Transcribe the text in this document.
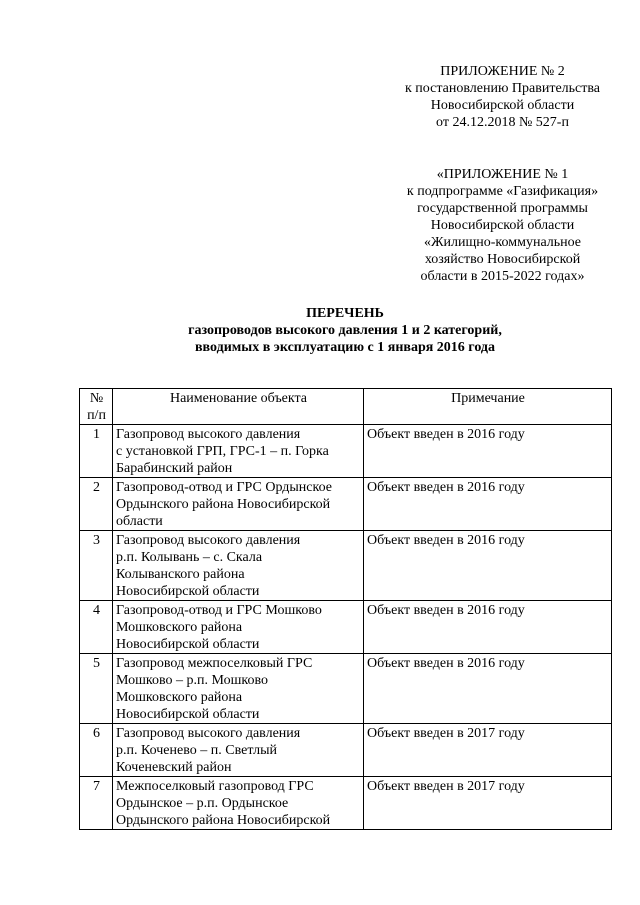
ПРИЛОЖЕНИЕ № 2
к постановлению Правительства
Новосибирской области
от 24.12.2018 № 527-п
«ПРИЛОЖЕНИЕ № 1
к подпрограмме «Газификация»
государственной программы
Новосибирской области
«Жилищно-коммунальное
хозяйство Новосибирской
области в 2015-2022 годах»
ПЕРЕЧЕНЬ
газопроводов высокого давления 1 и 2 категорий,
вводимых в эксплуатацию с 1 января 2016 года
№
п/п	Наименование объекта	Примечание
1	Газопровод высокого давления
с установкой ГРП, ГРС-1 – п. Горка
Барабинский район	Объект введен в 2016 году
2	Газопровод-отвод и ГРС Ордынское
Ордынского района Новосибирской
области	Объект введен в 2016 году
3	Газопровод высокого давления
р.п. Колывань – с. Скала
Колыванского района
Новосибирской области	Объект введен в 2016 году
4	Газопровод-отвод и ГРС Мошково
Мошковского района
Новосибирской области	Объект введен в 2016 году
5	Газопровод межпоселковый ГРС
Мошково – р.п. Мошково
Мошковского района
Новосибирской области	Объект введен в 2016 году
6	Газопровод высокого давления
р.п. Коченево – п. Светлый
Коченевский район	Объект введен в 2017 году
7	Межпоселковый газопровод ГРС
Ордынское – р.п. Ордынское
Ордынского района Новосибирской	Объект введен в 2017 году
